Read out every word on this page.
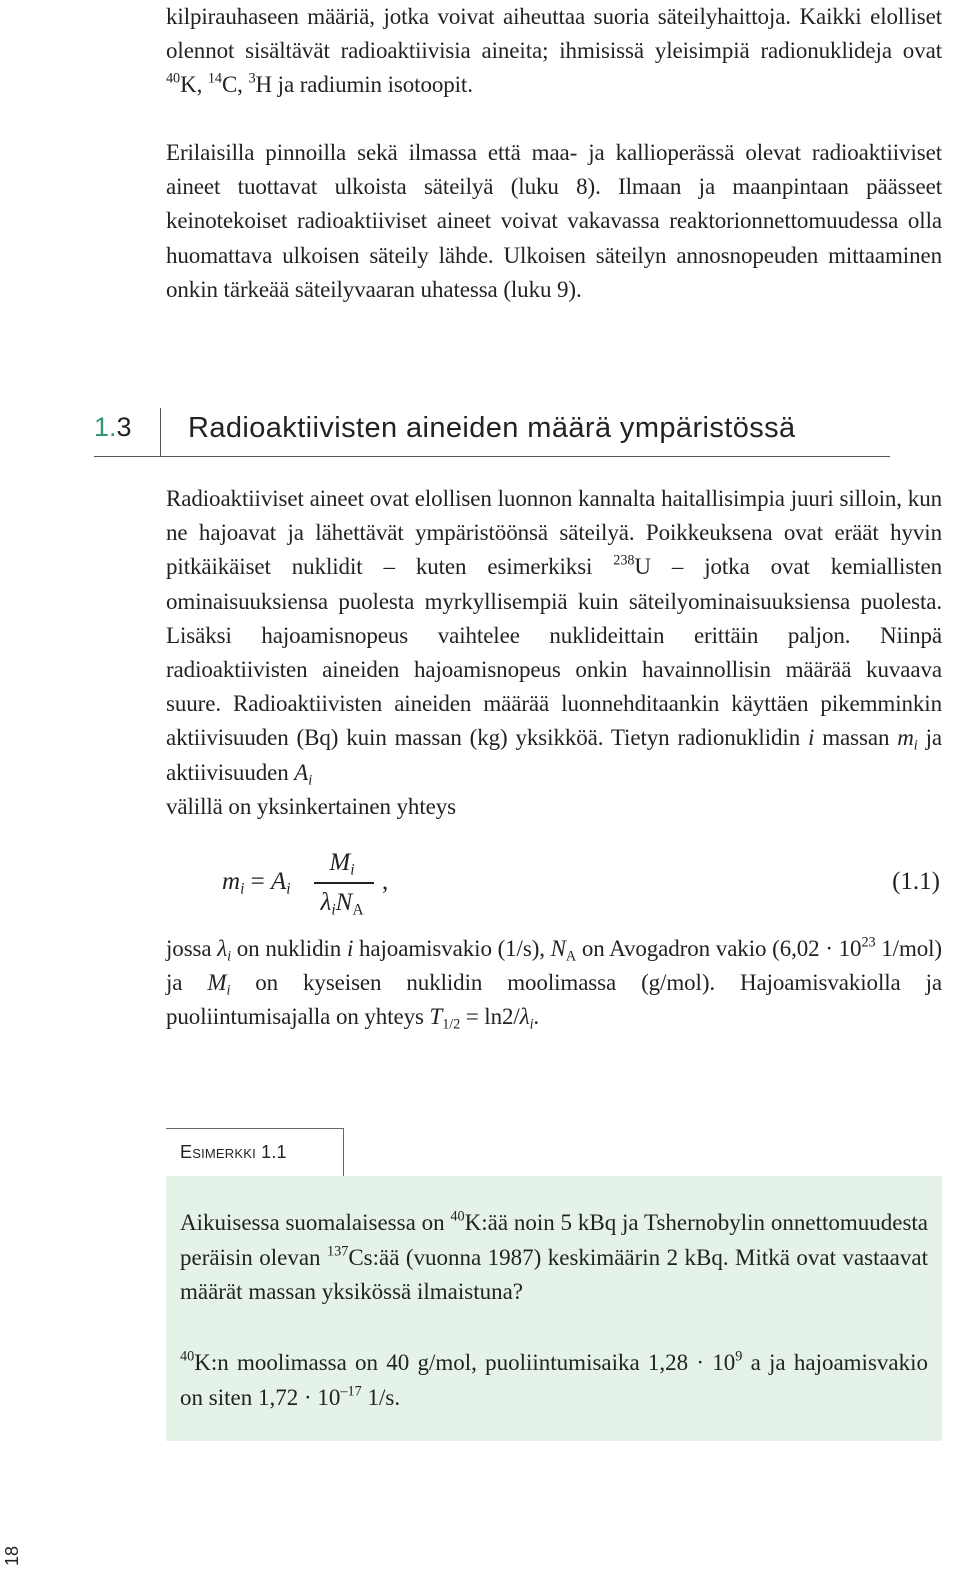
kilpirauhaseen määriä, jotka voivat aiheuttaa suoria säteilyhaittoja. Kaikki elolliset olennot sisältävät radioaktiivisia aineita; ihmisissä yleisimpiä radionuklideja ovat $^{40}$K, $^{14}$C, $^3$H ja radiumin isotoopit.

Erilaisilla pinnoilla sekä ilmassa että maa- ja kallioperässä olevat radioaktiiviset aineet tuottavat ulkoista säteilyä (luku 8). Ilmaan ja maanpintaan päässeet keinotekoiset radioaktiiviset aineet voivat vakavassa reaktorionnettomuudessa olla huomattava ulkoisen säteily lähde. Ulkoisen säteilyn annosnopeuden mittaaminen onkin tärkeää säteilyvaaran uhatessa (luku 9).

1.3 Radioaktiivisten aineiden määrä ympäristössä

Radioaktiiviset aineet ovat elollisen luonnon kannalta haitallisimpia juuri silloin, kun ne hajoavat ja lähettävät ympäristöönsä säteilyä. Poikkeuksena ovat eräät hyvin pitkäikäiset nuklidit – kuten esimerkiksi $^{238}$U – jotka ovat kemiallisten ominaisuuksiensa puolesta myrkyllisempiä kuin säteilyominaisuuksiensa puolesta. Lisäksi hajoamisnopeus vaihtelee nuklideittain erittäin paljon. Niinpä radioaktiivisten aineiden hajoamisnopeus onkin havainnollisin määrää kuvaava suure. Radioaktiivisten aineiden määrää luonnehditaankin käyttäen pikemminkin aktiivisuuden (Bq) kuin massan (kg) yksikköä. Tietyn radionuklidin i massan $m_i$ ja aktiivisuuden $A_i$
välillä on yksinkertainen yhteys

$m_i = A_i$
$M_i$
$\lambda_iN_A$
,	(1.1)

jossa $\lambda_i$ on nuklidin i hajoamisvakio (1/s), $N_A$ on Avogadron vakio ($6,02 \cdot 10^{23}$ 1/mol) ja $M_i$ on kyseisen nuklidin moolimassa (g/mol). Hajoamisvakiolla ja puoliintumisajalla on yhteys $T_{1/2} = \ln 2/\lambda_i$.

Esimerkki 1.1

Aikuisessa suomalaisessa on $^{40}$K:ää noin 5 kBq ja Tshernobylin onnettomuudesta peräisin olevan $^{137}$Cs:ää (vuonna 1987) keskimäärin 2 kBq. Mitkä ovat vastaavat määrät massan yksikössä ilmaistuna?

$^{40}$K:n moolimassa on 40 g/mol, puoliintumisaika $1,28 \cdot 10^9$ a ja hajoamisvakio on siten $1,72 \cdot 10^{-17}$ 1/s.

18
